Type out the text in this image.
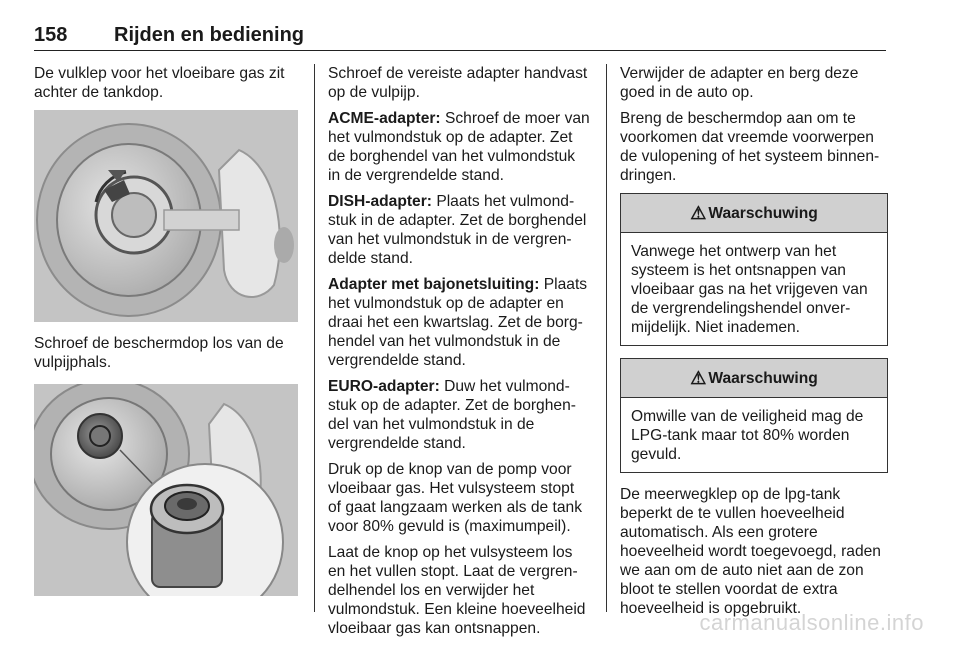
158 Rijden en bediening

De vulklep voor het vloeibare gas zit achter de tankdop.

Schroef de beschermdop los van de vulpijphals.

Schroef de vereiste adapter handvast op de vulpijp.

ACME-adapter: Schroef de moer van het vulmondstuk op de adapter. Zet de borghendel van het vulmondstuk in de vergrendelde stand.

DISH-adapter: Plaats het vulmondstuk in de adapter. Zet de borghendel van het vulmondstuk in de vergrendelde stand.

Adapter met bajonetsluiting: Plaats het vulmondstuk op de adapter en draai het een kwartslag. Zet de borghendel van het vulmondstuk in de vergrendelde stand.

EURO-adapter: Duw het vulmondstuk op de adapter. Zet de borghendel van het vulmondstuk in de vergrendelde stand.

Druk op de knop van de pomp voor vloeibaar gas. Het vulsysteem stopt of gaat langzaam werken als de tank voor 80% gevuld is (maximumpeil).

Laat de knop op het vulsysteem los en het vullen stopt. Laat de vergrendelhendel los en verwijder het vulmondstuk. Een kleine hoeveelheid vloeibaar gas kan ontsnappen.

Verwijder de adapter en berg deze goed in de auto op.

Breng de beschermdop aan om te voorkomen dat vreemde voorwerpen de vulopening of het systeem binnendringen.

⚠ Waarschuwing
Vanwege het ontwerp van het systeem is het ontsnappen van vloeibaar gas na het vrijgeven van de vergrendelingshendel onvermijdelijk. Niet inademen.
⚠ Waarschuwing
Omwille van de veiligheid mag de LPG-tank maar tot 80% worden gevuld.

De meerwegklep op de lpg-tank beperkt de te vullen hoeveelheid automatisch. Als een grotere hoeveelheid wordt toegevoegd, raden we aan om de auto niet aan de zon bloot te stellen voordat de extra hoeveelheid is opgebruikt.

carmanualsonline.info
